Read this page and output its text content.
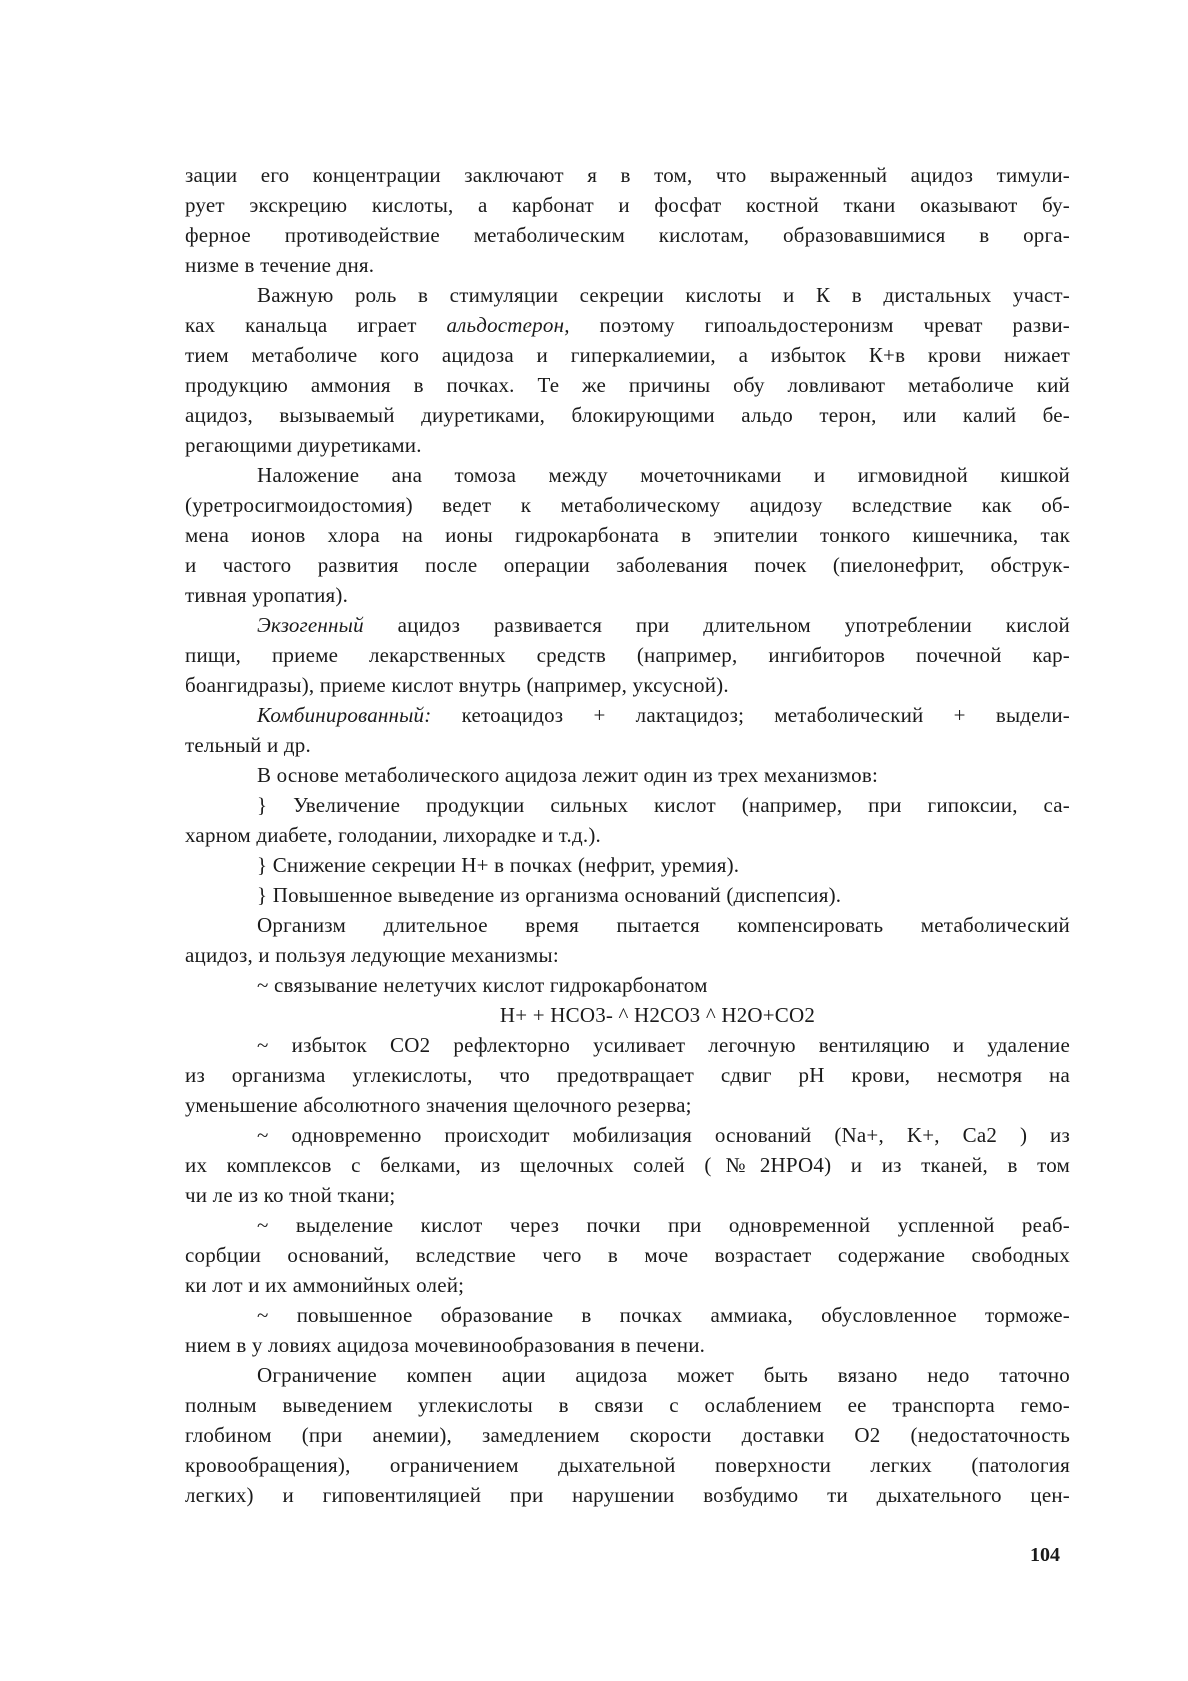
зации его концентрации заключают я в том, что выраженный ацидоз тимули-
рует экскрецию кислоты, а карбонат и фосфат костной ткани оказывают бу-
ферное противодействие метаболическим кислотам, образовавшимися в орга-
низме в течение дня.
Важную роль в стимуляции секреции кислоты и К в дистальных участ-
ках канальца играет альдостерон, поэтому гипоальдостеронизм чреват разви-
тием метаболиче кого ацидоза и гиперкалиемии, а избыток К+в крови нижает
продукцию аммония в почках. Те же причины обу ловливают метаболиче кий
ацидоз, вызываемый диуретиками, блокирующими альдо терон, или калий бе-
регающими диуретиками.
Наложение ана томоза между мочеточниками и игмовидной кишкой
(уретросигмоидостомия) ведет к метаболическому ацидозу вследствие как об-
мена ионов хлора на ионы гидрокарбоната в эпителии тонкого кишечника, так
и частого развития после операции заболевания почек (пиелонефрит, обструк-
тивная уропатия).
Экзогенный ацидоз развивается при длительном употреблении кислой
пищи, приеме лекарственных средств (например, ингибиторов почечной кар-
боангидразы), приеме кислот внутрь (например, уксусной).
Комбинированный: кетоацидоз + лактацидоз; метаболический + выдели-
тельный и др.
В основе метаболического ацидоза лежит один из трех механизмов:
} Увеличение продукции сильных кислот (например, при гипоксии, са-
харном диабете, голодании, лихорадке и т.д.).
} Снижение секреции Н+ в почках (нефрит, уремия).
} Повышенное выведение из организма оснований (диспепсия).
Организм длительное время пытается компенсировать метаболический
ацидоз, и пользуя ледующие механизмы:
~ связывание нелетучих кислот гидрокарбонатом
Н+ + НСО3- ^ Н2СО3 ^ Н2О+СО2
~ избыток СО2 рефлекторно усиливает легочную вентиляцию и удаление
из организма углекислоты, что предотвращает сдвиг рН крови, несмотря на
уменьшение абсолютного значения щелочного резерва;
~ одновременно происходит мобилизация оснований (Na+, K+, Ca2 ) из
их комплексов с белками, из щелочных солей (№2НРО4) и из тканей, в том
чи ле из ко тной ткани;
~ выделение кислот через почки при одновременной успленной реаб-
сорбции оснований, вследствие чего в моче возрастает содержание свободных
ки лот и их аммонийных олей;
~ повышенное образование в почках аммиака, обусловленное торможе-
нием в у ловиях ацидоза мочевинообразования в печени.
Ограничение компен ации ацидоза может быть вязано недо таточно
полным выведением углекислоты в связи с ослаблением ее транспорта гемо-
глобином (при анемии), замедлением скорости доставки О2 (недостаточность
кровообращения), ограничением дыхательной поверхности легких (патология
легких) и гиповентиляцией при нарушении возбудимо ти дыхательного цен-
104
